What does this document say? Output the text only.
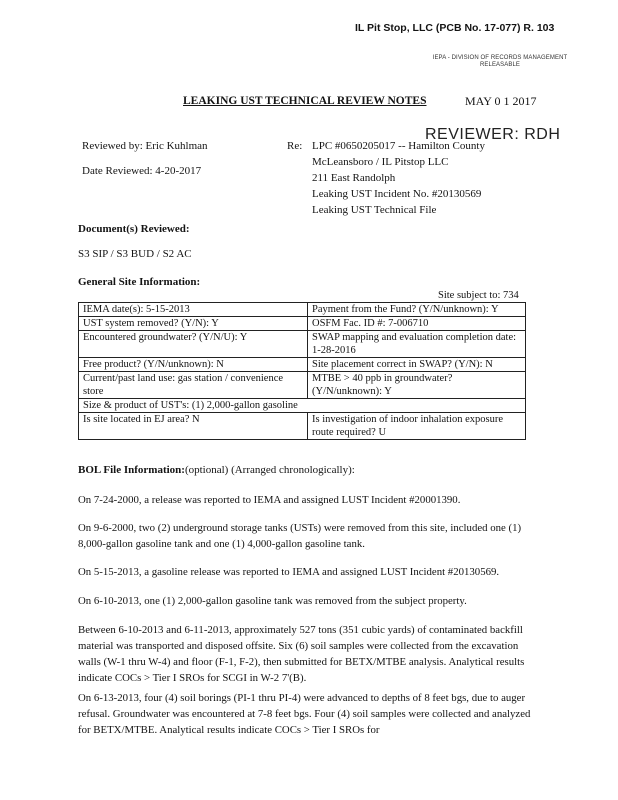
IL Pit Stop, LLC (PCB No. 17-077) R. 103
IEPA - DIVISION OF RECORDS MANAGEMENT
RELEASABLE
LEAKING UST TECHNICAL REVIEW NOTES	MAY 0 1 2017
REVIEWER: RDH
Reviewed by: Eric Kuhlman
Date Reviewed: 4-20-2017
Re: LPC #0650205017 -- Hamilton County
McLeansboro / IL Pitstop LLC
211 East Randolph
Leaking UST Incident No. #20130569
Leaking UST Technical File
Document(s) Reviewed:
S3 SIP / S3 BUD / S2 AC
General Site Information:
Site subject to: 734
IEMA date(s): 5-15-2013	Payment from the Fund? (Y/N/unknown): Y
UST system removed? (Y/N): Y	OSFM Fac. ID #: 7-006710
Encountered groundwater? (Y/N/U): Y	SWAP mapping and evaluation completion date: 1-28-2016
Free product? (Y/N/unknown): N	Site placement correct in SWAP? (Y/N): N
Current/past land use: gas station / convenience store	MTBE > 40 ppb in groundwater? (Y/N/unknown): Y
Size & product of UST's: (1) 2,000-gallon gasoline	
Is site located in EJ area? N	Is investigation of indoor inhalation exposure route required? U
BOL File Information:(optional) (Arranged chronologically):
On 7-24-2000, a release was reported to IEMA and assigned LUST Incident #20001390.
On 9-6-2000, two (2) underground storage tanks (USTs) were removed from this site, included one (1) 8,000-gallon gasoline tank and one (1) 4,000-gallon gasoline tank.
On 5-15-2013, a gasoline release was reported to IEMA and assigned LUST Incident #20130569.
On 6-10-2013, one (1) 2,000-gallon gasoline tank was removed from the subject property.
Between 6-10-2013 and 6-11-2013, approximately 527 tons (351 cubic yards) of contaminated backfill material was transported and disposed offsite. Six (6) soil samples were collected from the excavation walls (W-1 thru W-4) and floor (F-1, F-2), then submitted for BETX/MTBE analysis. Analytical results indicate COCs > Tier I SROs for SCGI in W-2 7'(B).
On 6-13-2013, four (4) soil borings (PI-1 thru PI-4) were advanced to depths of 8 feet bgs, due to auger refusal. Groundwater was encountered at 7-8 feet bgs. Four (4) soil samples were collected and analyzed for BETX/MTBE. Analytical results indicate COCs > Tier I SROs for
